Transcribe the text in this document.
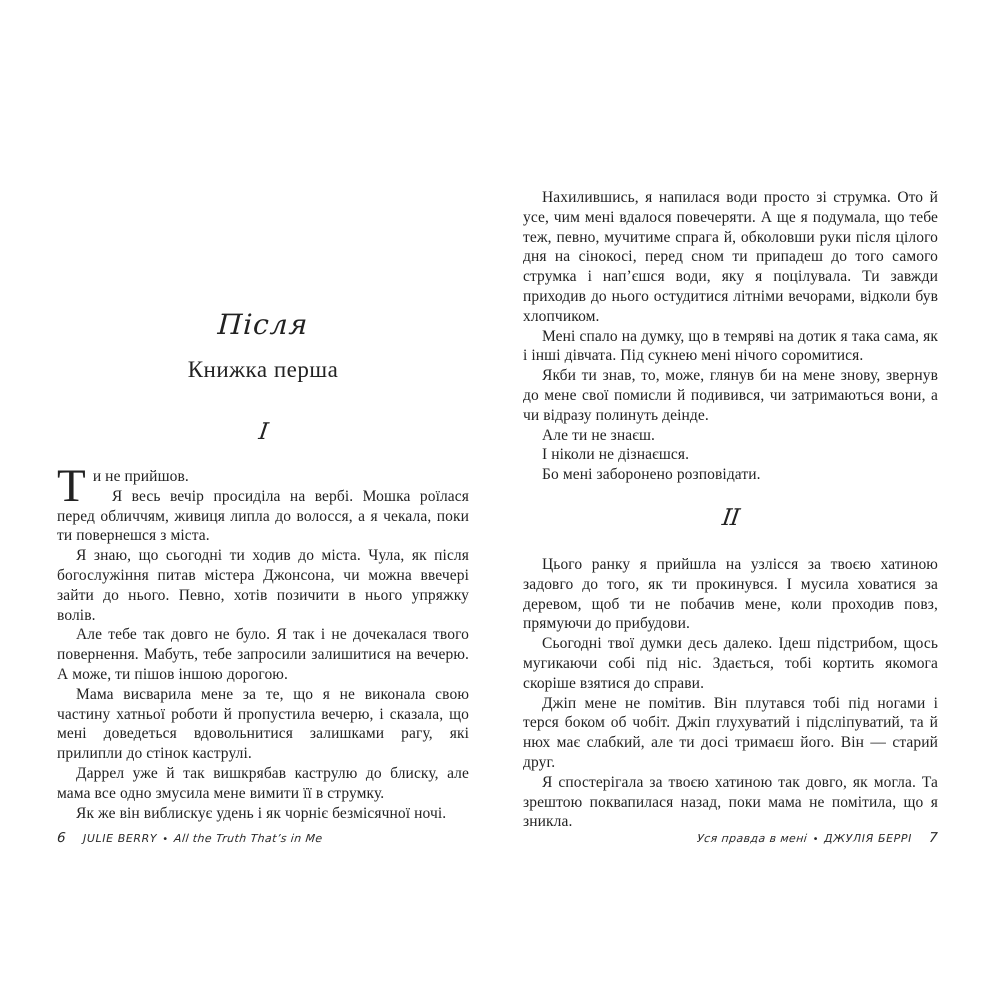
Після
Книжка перша
I

Ти не прийшов.

Я весь вечір просиділа на вербі. Мошка роїлася перед обличчям, живиця липла до волосся, а я чекала, поки ти повернешся з міста.

Я знаю, що сьогодні ти ходив до міста. Чула, як після богослужіння питав містера Джонсона, чи можна ввечері зайти до нього. Певно, хотів позичити в нього упряжку волів.

Але тебе так довго не було. Я так і не дочекалася твого повернення. Мабуть, тебе запросили залишитися на вечерю. А може, ти пішов іншою дорогою.

Мама висварила мене за те, що я не виконала свою частину хатньої роботи й пропустила вечерю, і сказала, що мені доведеться вдовольнитися залишками рагу, які прилипли до стінок каструлі.

Даррел уже й так вишкрябав каструлю до блиску, але мама все одно змусила мене вимити її в струмку.

Як же він виблискує удень і як чорніє безмісячної ночі.

6 JULIE BERRY • All the Truth That’s in Me

Нахилившись, я напилася води просто зі струмка. Ото й усе, чим мені вдалося повечеряти. А ще я подумала, що тебе теж, певно, мучитиме спрага й, обколовши руки після цілого дня на сінокосі, перед сном ти припадеш до того самого струмка і нап’єшся води, яку я поцілувала. Ти завжди приходив до нього остудитися літніми вечорами, відколи був хлопчиком.

Мені спало на думку, що в темряві на дотик я така сама, як і інші дівчата. Під сукнею мені нічого соромитися.

Якби ти знав, то, може, глянув би на мене знову, звернув до мене свої помисли й подивився, чи затримаються вони, а чи відразу полинуть деінде.

Але ти не знаєш.

І ніколи не дізнаєшся.

Бо мені заборонено розповідати.

II

Цього ранку я прийшла на узлісся за твоєю хатиною задовго до того, як ти прокинувся. І мусила ховатися за деревом, щоб ти не побачив мене, коли проходив повз, прямуючи до прибудови.

Сьогодні твої думки десь далеко. Ідеш підстрибом, щось мугикаючи собі під ніс. Здається, тобі кортить якомога скоріше взятися до справи.

Джіп мене не помітив. Він плутався тобі під ногами і терся боком об чобіт. Джіп глухуватий і підсліпуватий, та й нюх має слабкий, але ти досі тримаєш його. Він — старий друг.

Я спостерігала за твоєю хатиною так довго, як могла. Та зрештою поквапилася назад, поки мама не помітила, що я зникла.

Уся правда в мені • ДЖУЛІЯ БЕРРІ 7
